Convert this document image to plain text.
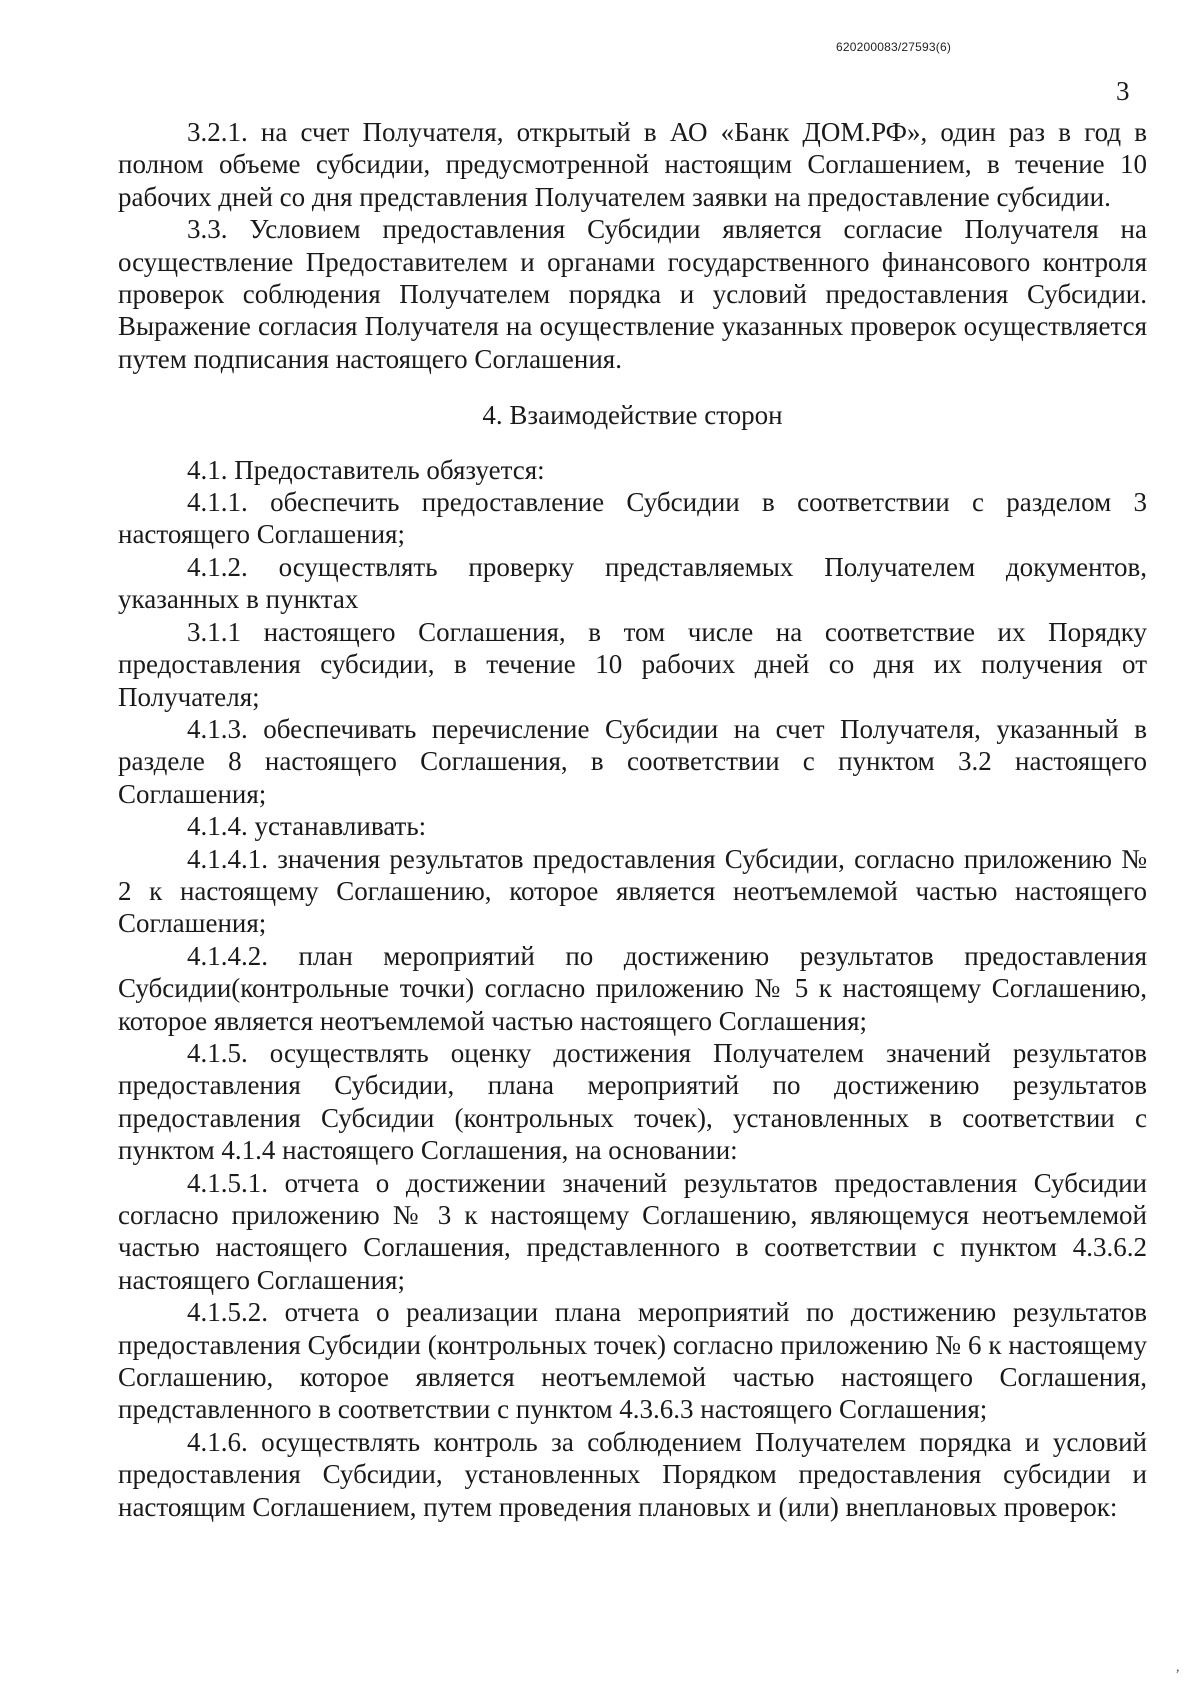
620200083/27593(6)
3

3.2.1. на счет Получателя, открытый в АО «Банк ДОМ.РФ», один раз в год в полном объеме субсидии, предусмотренной настоящим Соглашением, в течение 10 рабочих дней со дня представления Получателем заявки на предоставление субсидии.

3.3. Условием предоставления Субсидии является согласие Получателя на осуществление Предоставителем и органами государственного финансового контроля проверок соблюдения Получателем порядка и условий предоставления Субсидии. Выражение согласия Получателя на осуществление указанных проверок осуществляется путем подписания настоящего Соглашения.

4. Взаимодействие сторон

4.1. Предоставитель обязуется:

4.1.1. обеспечить предоставление Субсидии в соответствии с разделом 3 настоящего Соглашения;

4.1.2. осуществлять проверку представляемых Получателем документов, указанных в пунктах

3.1.1 настоящего Соглашения, в том числе на соответствие их Порядку предоставления субсидии, в течение 10 рабочих дней со дня их получения от Получателя;

4.1.3. обеспечивать перечисление Субсидии на счет Получателя, указанный в разделе 8 настоящего Соглашения, в соответствии с пунктом 3.2 настоящего Соглашения;

4.1.4. устанавливать:

4.1.4.1. значения результатов предоставления Субсидии, согласно приложению № 2 к настоящему Соглашению, которое является неотъемлемой частью настоящего Соглашения;

4.1.4.2. план мероприятий по достижению результатов предоставления Субсидии(контрольные точки) согласно приложению № 5 к настоящему Соглашению, которое является неотъемлемой частью настоящего Соглашения;

4.1.5. осуществлять оценку достижения Получателем значений результатов предоставления Субсидии, плана мероприятий по достижению результатов предоставления Субсидии (контрольных точек), установленных в соответствии с пунктом 4.1.4 настоящего Соглашения, на основании:

4.1.5.1. отчета о достижении значений результатов предоставления Субсидии согласно приложению № 3 к настоящему Соглашению, являющемуся неотъемлемой частью настоящего Соглашения, представленного в соответствии с пунктом 4.3.6.2 настоящего Соглашения;

4.1.5.2. отчета о реализации плана мероприятий по достижению результатов предоставления Субсидии (контрольных точек) согласно приложению № 6 к настоящему Соглашению, которое является неотъемлемой частью настоящего Соглашения, представленного в соответствии с пунктом 4.3.6.3 настоящего Соглашения;

4.1.6. осуществлять контроль за соблюдением Получателем порядка и условий предоставления Субсидии, установленных Порядком предоставления субсидии и настоящим Соглашением, путем проведения плановых и (или) внеплановых проверок:

,
